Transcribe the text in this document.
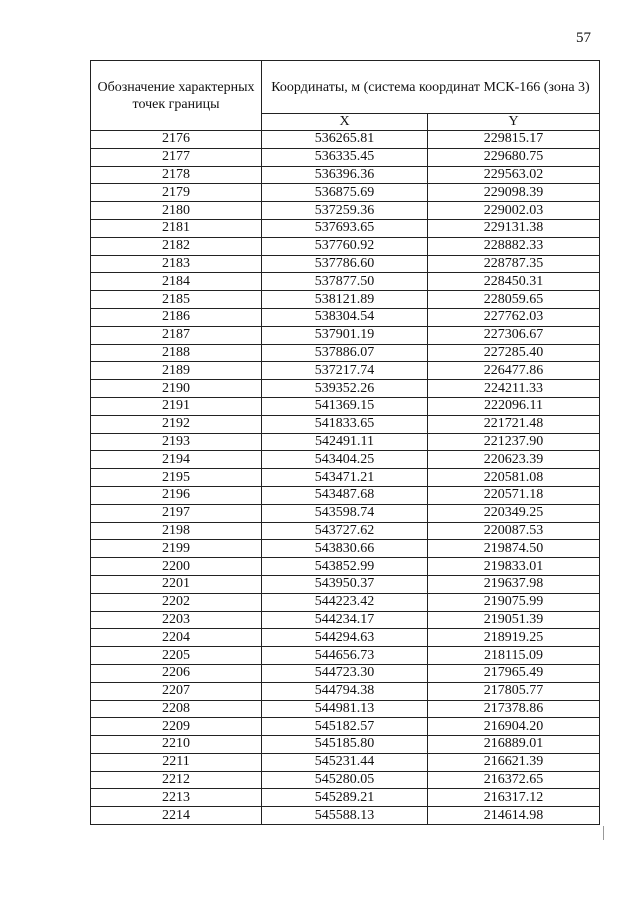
57
Обозначение характерных точек границы	Координаты, м (система координат МСК-166 (зона 3)	
	X	Y
2176	536265.81	229815.17
2177	536335.45	229680.75
2178	536396.36	229563.02
2179	536875.69	229098.39
2180	537259.36	229002.03
2181	537693.65	229131.38
2182	537760.92	228882.33
2183	537786.60	228787.35
2184	537877.50	228450.31
2185	538121.89	228059.65
2186	538304.54	227762.03
2187	537901.19	227306.67
2188	537886.07	227285.40
2189	537217.74	226477.86
2190	539352.26	224211.33
2191	541369.15	222096.11
2192	541833.65	221721.48
2193	542491.11	221237.90
2194	543404.25	220623.39
2195	543471.21	220581.08
2196	543487.68	220571.18
2197	543598.74	220349.25
2198	543727.62	220087.53
2199	543830.66	219874.50
2200	543852.99	219833.01
2201	543950.37	219637.98
2202	544223.42	219075.99
2203	544234.17	219051.39
2204	544294.63	218919.25
2205	544656.73	218115.09
2206	544723.30	217965.49
2207	544794.38	217805.77
2208	544981.13	217378.86
2209	545182.57	216904.20
2210	545185.80	216889.01
2211	545231.44	216621.39
2212	545280.05	216372.65
2213	545289.21	216317.12
2214	545588.13	214614.98
